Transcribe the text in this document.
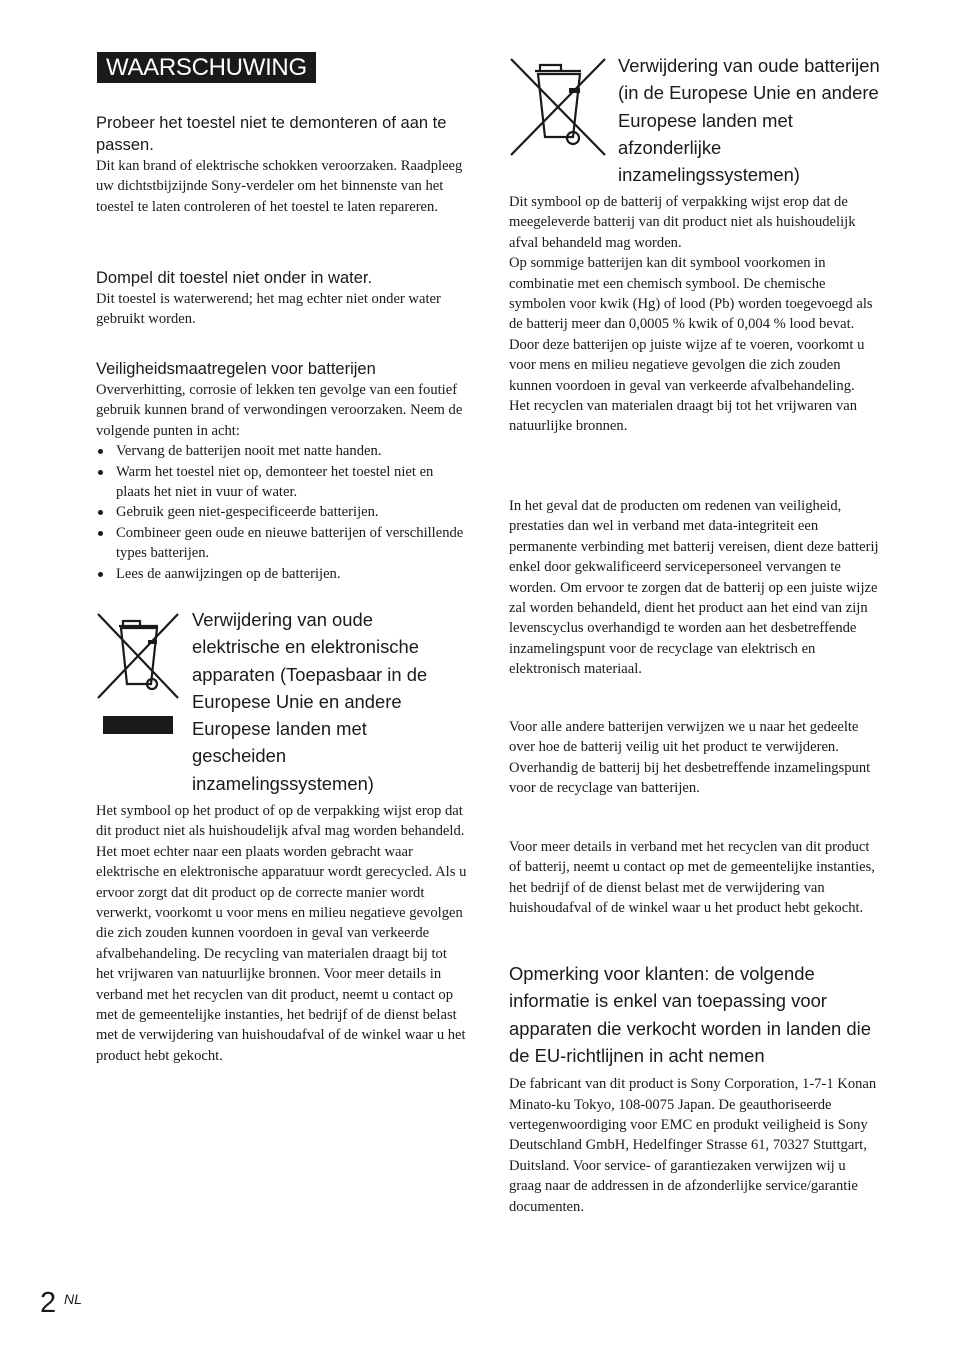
WAARSCHUWING
Probeer het toestel niet te demonteren of aan te passen.

Dit kan brand of elektrische schokken veroorzaken. Raadpleeg uw dichtstbijzijnde Sony-verdeler om het binnenste van het toestel te laten controleren of het toestel te laten repareren.

Dompel dit toestel niet onder in water.

Dit toestel is waterwerend; het mag echter niet onder water gebruikt worden.

Veiligheidsmaatregelen voor batterijen

Oververhitting, corrosie of lekken ten gevolge van een foutief gebruik kunnen brand of verwondingen veroorzaken. Neem de volgende punten in acht:

Vervang de batterijen nooit met natte handen.
Warm het toestel niet op, demonteer het toestel niet en plaats het niet in vuur of water.
Gebruik geen niet-gespecificeerde batterijen.
Combineer geen oude en nieuwe batterijen of verschillende types batterijen.
Lees de aanwijzingen op de batterijen.
Verwijdering van oude elektrische en elektronische apparaten (Toepasbaar in de Europese Unie en andere Europese landen met gescheiden inzamelingssystemen)

Het symbool op het product of op de verpakking wijst erop dat dit product niet als huishoudelijk afval mag worden behandeld. Het moet echter naar een plaats worden gebracht waar elektrische en elektronische apparatuur wordt gerecycled. Als u ervoor zorgt dat dit product op de correcte manier wordt verwerkt, voorkomt u voor mens en milieu negatieve gevolgen die zich zouden kunnen voordoen in geval van verkeerde afvalbehandeling. De recycling van materialen draagt bij tot het vrijwaren van natuurlijke bronnen. Voor meer details in verband met het recyclen van dit product, neemt u contact op met de gemeentelijke instanties, het bedrijf of de dienst belast met de verwijdering van huishoudafval of de winkel waar u het product hebt gekocht.

Verwijdering van oude batterijen (in de Europese Unie en andere Europese landen met afzonderlijke inzamelingssystemen)

Dit symbool op de batterij of verpakking wijst erop dat de meegeleverde batterij van dit product niet als huishoudelijk afval behandeld mag worden.

Op sommige batterijen kan dit symbool voorkomen in combinatie met een chemisch symbool. De chemische symbolen voor kwik (Hg) of lood (Pb) worden toegevoegd als de batterij meer dan 0,0005 % kwik of 0,004 % lood bevat.

Door deze batterijen op juiste wijze af te voeren, voorkomt u voor mens en milieu negatieve gevolgen die zich zouden kunnen voordoen in geval van verkeerde afvalbehandeling. Het recyclen van materialen draagt bij tot het vrijwaren van natuurlijke bronnen.

In het geval dat de producten om redenen van veiligheid, prestaties dan wel in verband met data-integriteit een permanente verbinding met batterij vereisen, dient deze batterij enkel door gekwalificeerd servicepersoneel vervangen te worden. Om ervoor te zorgen dat de batterij op een juiste wijze zal worden behandeld, dient het product aan het eind van zijn levenscyclus overhandigd te worden aan het desbetreffende inzamelingspunt voor de recyclage van elektrisch en elektronisch materiaal.

Voor alle andere batterijen verwijzen we u naar het gedeelte over hoe de batterij veilig uit het product te verwijderen. Overhandig de batterij bij het desbetreffende inzamelingspunt voor de recyclage van batterijen.

Voor meer details in verband met het recyclen van dit product of batterij, neemt u contact op met de gemeentelijke instanties, het bedrijf of de dienst belast met de verwijdering van huishoudafval of de winkel waar u het product hebt gekocht.

Opmerking voor klanten: de volgende informatie is enkel van toepassing voor apparaten die verkocht worden in landen die de EU-richtlijnen in acht nemen

De fabricant van dit product is Sony Corporation, 1-7-1 Konan Minato-ku Tokyo, 108-0075 Japan. De geauthoriseerde vertegenwoordiging voor EMC en produkt veiligheid is Sony Deutschland GmbH, Hedelfinger Strasse 61, 70327 Stuttgart, Duitsland. Voor service- of garantiezaken verwijzen wij u graag naar de addressen in de afzonderlijke service/garantie documenten.

2 NL
